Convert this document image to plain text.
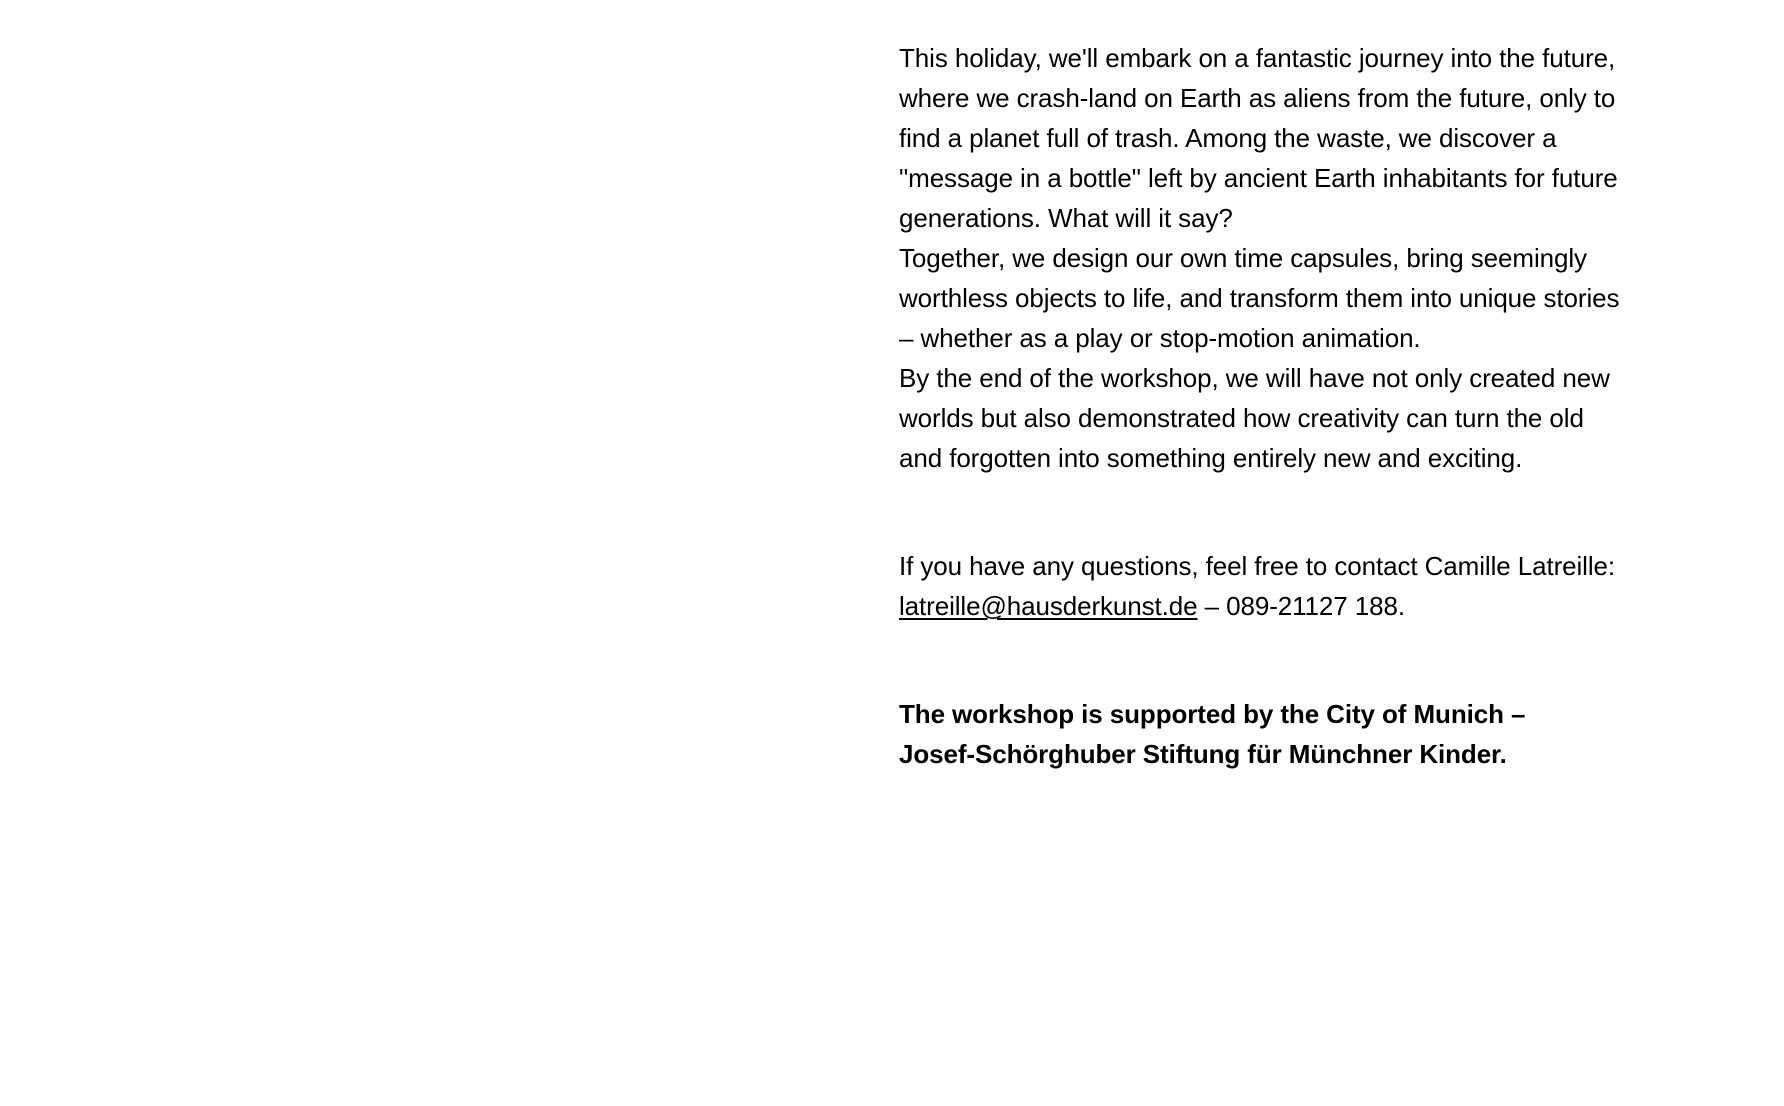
This holiday, we'll embark on a fantastic journey into the future, where we crash-land on Earth as aliens from the future, only to find a planet full of trash. Among the waste, we discover a "message in a bottle" left by ancient Earth inhabitants for future generations. What will it say?

Together, we design our own time capsules, bring seemingly worthless objects to life, and transform them into unique stories – whether as a play or stop-motion animation.

By the end of the workshop, we will have not only created new worlds but also demonstrated how creativity can turn the old and forgotten into something entirely new and exciting.

If you have any questions, feel free to contact Camille Latreille: latreille@hausderkunst.de – 089-21127 188.

The workshop is supported by the City of Munich –
Josef-Schörghuber Stiftung für Münchner Kinder.
